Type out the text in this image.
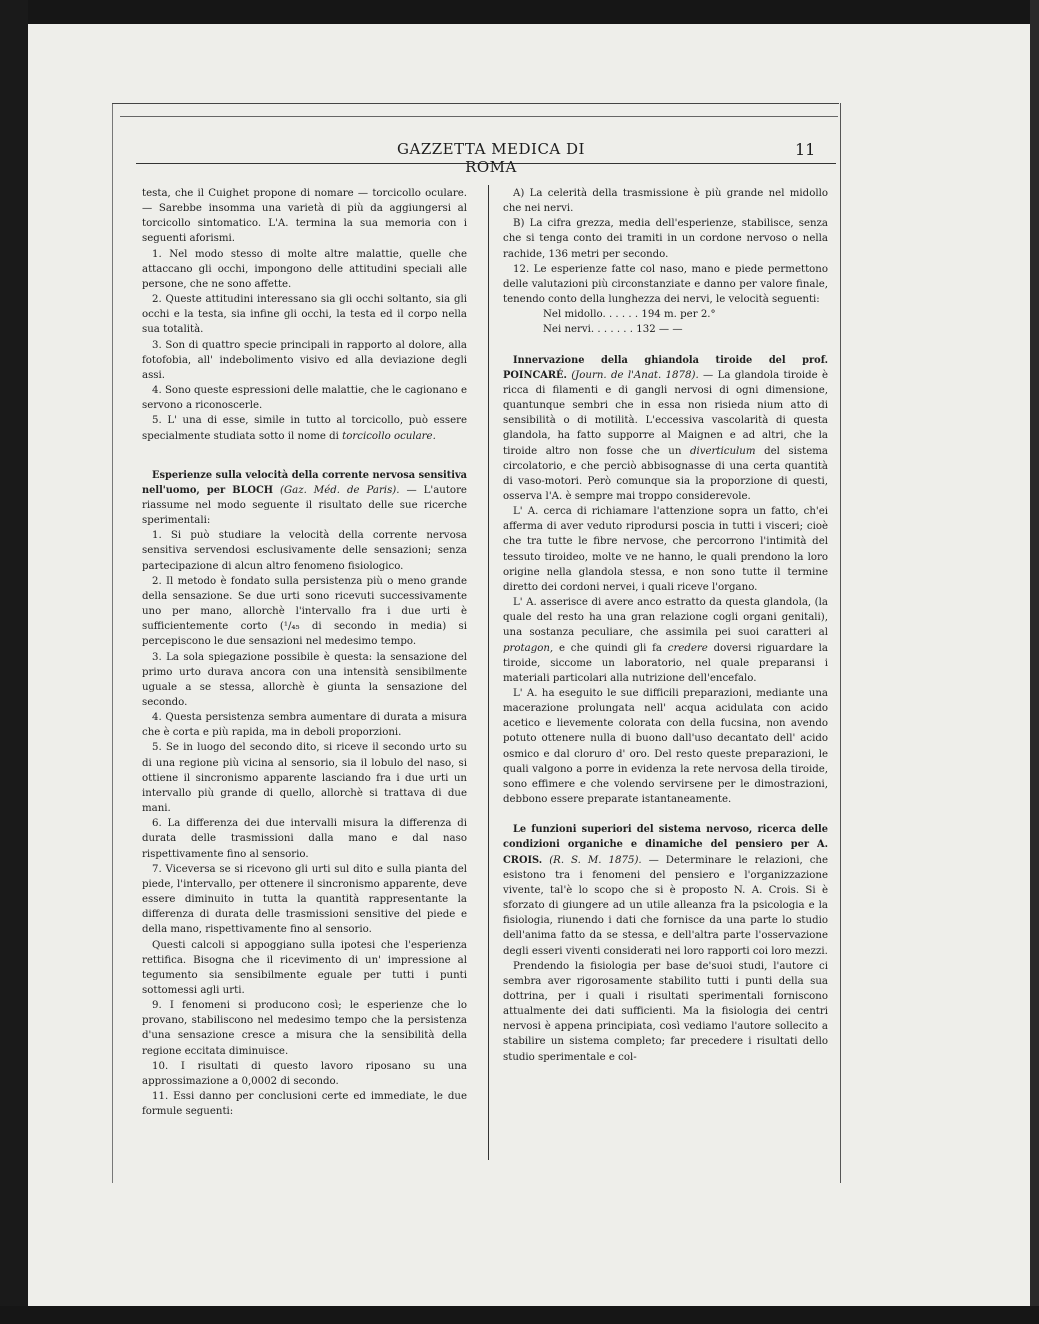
GAZZETTA MEDICA DI ROMA
11

testa, che il Cuighet propone di nomare — torcicollo oculare. — Sarebbe insomma una varietà di più da aggiungersi al torcicollo sintomatico. L'A. termina la sua memoria con i seguenti aforismi.

1. Nel modo stesso di molte altre malattie, quelle che attaccano gli occhi, impongono delle attitudini speciali alle persone, che ne sono affette.

2. Queste attitudini interessano sia gli occhi soltanto, sia gli occhi e la testa, sia infine gli occhi, la testa ed il corpo nella sua totalità.

3. Son di quattro specie principali in rapporto al dolore, alla fotofobia, all' indebolimento visivo ed alla deviazione degli assi.

4. Sono queste espressioni delle malattie, che le cagionano e servono a riconoscerle.

5. L' una di esse, simile in tutto al torcicollo, può essere specialmente studiata sotto il nome di torcicollo oculare.

Esperienze sulla velocità della corrente nervosa sensitiva nell'uomo, per BLOCH (Gaz. Méd. de Paris). — L'autore riassume nel modo seguente il risultato delle sue ricerche sperimentali:

1. Si può studiare la velocità della corrente nervosa sensitiva servendosi esclusivamente delle sensazioni; senza partecipazione di alcun altro fenomeno fisiologico.

2. Il metodo è fondato sulla persistenza più o meno grande della sensazione. Se due urti sono ricevuti successivamente uno per mano, allorchè l'intervallo fra i due urti è sufficientemente corto (¹/₄₅ di secondo in media) si percepiscono le due sensazioni nel medesimo tempo.

3. La sola spiegazione possibile è questa: la sensazione del primo urto durava ancora con una intensità sensibilmente uguale a se stessa, allorchè è giunta la sensazione del secondo.

4. Questa persistenza sembra aumentare di durata a misura che è corta e più rapida, ma in deboli proporzioni.

5. Se in luogo del secondo dito, si riceve il secondo urto su di una regione più vicina al sensorio, sia il lobulo del naso, si ottiene il sincronismo apparente lasciando fra i due urti un intervallo più grande di quello, allorchè si trattava di due mani.

6. La differenza dei due intervalli misura la differenza di durata delle trasmissioni dalla mano e dal naso rispettivamente fino al sensorio.

7. Viceversa se si ricevono gli urti sul dito e sulla pianta del piede, l'intervallo, per ottenere il sincronismo apparente, deve essere diminuito in tutta la quantità rappresentante la differenza di durata delle trasmissioni sensitive del piede e della mano, rispettivamente fino al sensorio.

Questi calcoli si appoggiano sulla ipotesi che l'esperienza rettifica. Bisogna che il ricevimento di un' impressione al tegumento sia sensibilmente eguale per tutti i punti sottomessi agli urti.

9. I fenomeni si producono così; le esperienze che lo provano, stabiliscono nel medesimo tempo che la persistenza d'una sensazione cresce a misura che la sensibilità della regione eccitata diminuisce.

10. I risultati di questo lavoro riposano su una approssimazione a 0,0002 di secondo.

11. Essi danno per conclusioni certe ed immediate, le due formule seguenti:

A) La celerità della trasmissione è più grande nel midollo che nei nervi.

B) La cifra grezza, media dell'esperienze, stabilisce, senza che si tenga conto dei tramiti in un cordone nervoso o nella rachide, 136 metri per secondo.

12. Le esperienze fatte col naso, mano e piede permettono delle valutazioni più circonstanziate e danno per valore finale, tenendo conto della lunghezza dei nervi, le velocità seguenti:

Nel midollo. . . . . . 194 m. per 2.°

Nei nervi. . . . . . . 132 — —

Innervazione della ghiandola tiroide del prof. POINCARÉ. (Journ. de l'Anat. 1878). — La glandola tiroide è ricca di filamenti e di gangli nervosi di ogni dimensione, quantunque sembri che in essa non risieda nium atto di sensibilità o di motilità. L'eccessiva vascolarità di questa glandola, ha fatto supporre al Maignen e ad altri, che la tiroide altro non fosse che un diverticulum del sistema circolatorio, e che perciò abbisognasse di una certa quantità di vaso-motori. Però comunque sia la proporzione di questi, osserva l'A. è sempre mai troppo considerevole.

L' A. cerca di richiamare l'attenzione sopra un fatto, ch'ei afferma di aver veduto riprodursi poscia in tutti i visceri; cioè che tra tutte le fibre nervose, che percorrono l'intimità del tessuto tiroideo, molte ve ne hanno, le quali prendono la loro origine nella glandola stessa, e non sono tutte il termine diretto dei cordoni nervei, i quali riceve l'organo.

L' A. asserisce di avere anco estratto da questa glandola, (la quale del resto ha una gran relazione cogli organi genitali), una sostanza peculiare, che assimila pei suoi caratteri al protagon, e che quindi gli fa credere doversi riguardare la tiroide, siccome un laboratorio, nel quale preparansi i materiali particolari alla nutrizione dell'encefalo.

L' A. ha eseguito le sue difficili preparazioni, mediante una macerazione prolungata nell' acqua acidulata con acido acetico e lievemente colorata con della fucsina, non avendo potuto ottenere nulla di buono dall'uso decantato dell' acido osmico e dal cloruro d' oro. Del resto queste preparazioni, le quali valgono a porre in evidenza la rete nervosa della tiroide, sono effimere e che volendo servirsene per le dimostrazioni, debbono essere preparate istantaneamente.

Le funzioni superiori del sistema nervoso, ricerca delle condizioni organiche e dinamiche del pensiero per A. CROIS. (R. S. M. 1875). — Determinare le relazioni, che esistono tra i fenomeni del pensiero e l'organizzazione vivente, tal'è lo scopo che si è proposto N. A. Crois. Si è sforzato di giungere ad un utile alleanza fra la psicologia e la fisiologia, riunendo i dati che fornisce da una parte lo studio dell'anima fatto da se stessa, e dell'altra parte l'osservazione degli esseri viventi considerati nei loro rapporti coi loro mezzi.

Prendendo la fisiologia per base de'suoi studi, l'autore ci sembra aver rigorosamente stabilito tutti i punti della sua dottrina, per i quali i risultati sperimentali forniscono attualmente dei dati sufficienti. Ma la fisiologia dei centri nervosi è appena principiata, così vediamo l'autore sollecito a stabilire un sistema completo; far precedere i risultati dello studio sperimentale e col-
